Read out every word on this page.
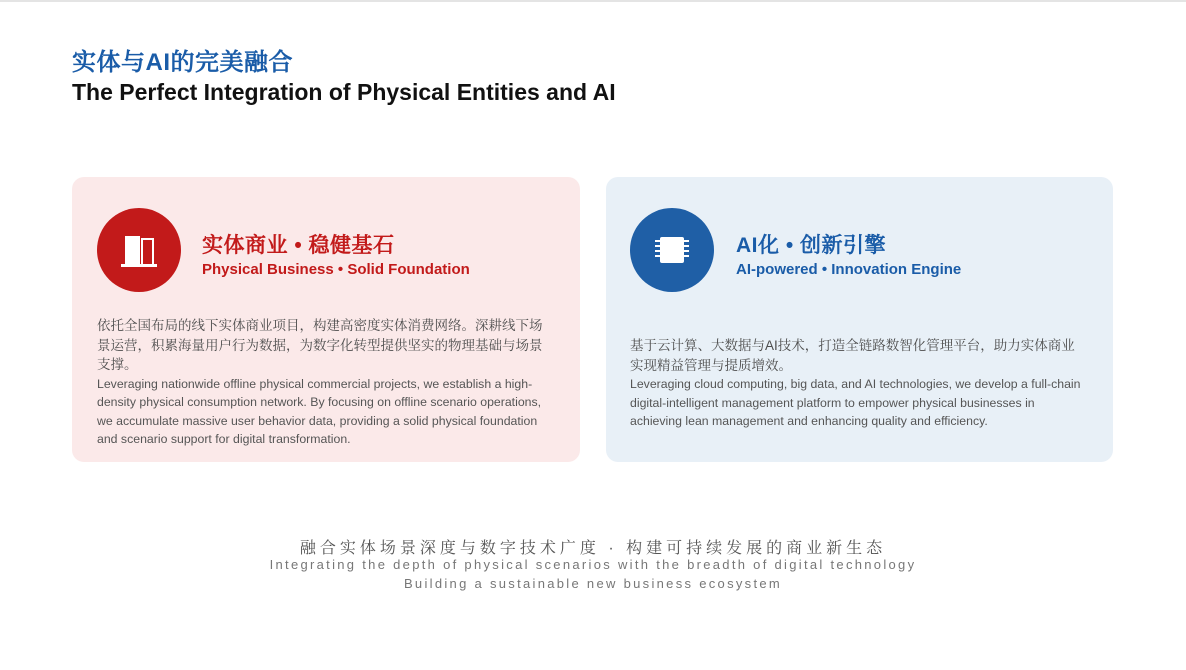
实体与AI的完美融合
The Perfect Integration of Physical Entities and AI
实体商业 • 稳健基石
Physical Business • Solid Foundation
依托全国布局的线下实体商业项目，构建高密度实体消费网络。深耕线下场景运营，积累海量用户行为数据，为数字化转型提供坚实的物理基础与场景支撑。
Leveraging nationwide offline physical commercial projects, we establish a high-density physical consumption network. By focusing on offline scenario operations, we accumulate massive user behavior data, providing a solid physical foundation and scenario support for digital transformation.
AI化 • 创新引擎
AI-powered • Innovation Engine
基于云计算、大数据与AI技术，打造全链路数智化管理平台，助力实体商业实现精益管理与提质增效。
Leveraging cloud computing, big data, and AI technologies, we develop a full-chain digital-intelligent management platform to empower physical businesses in achieving lean management and enhancing quality and efficiency.
融合实体场景深度与数字技术广度 · 构建可持续发展的商业新生态
Integrating the depth of physical scenarios with the breadth of digital technology
Building a sustainable new business ecosystem
